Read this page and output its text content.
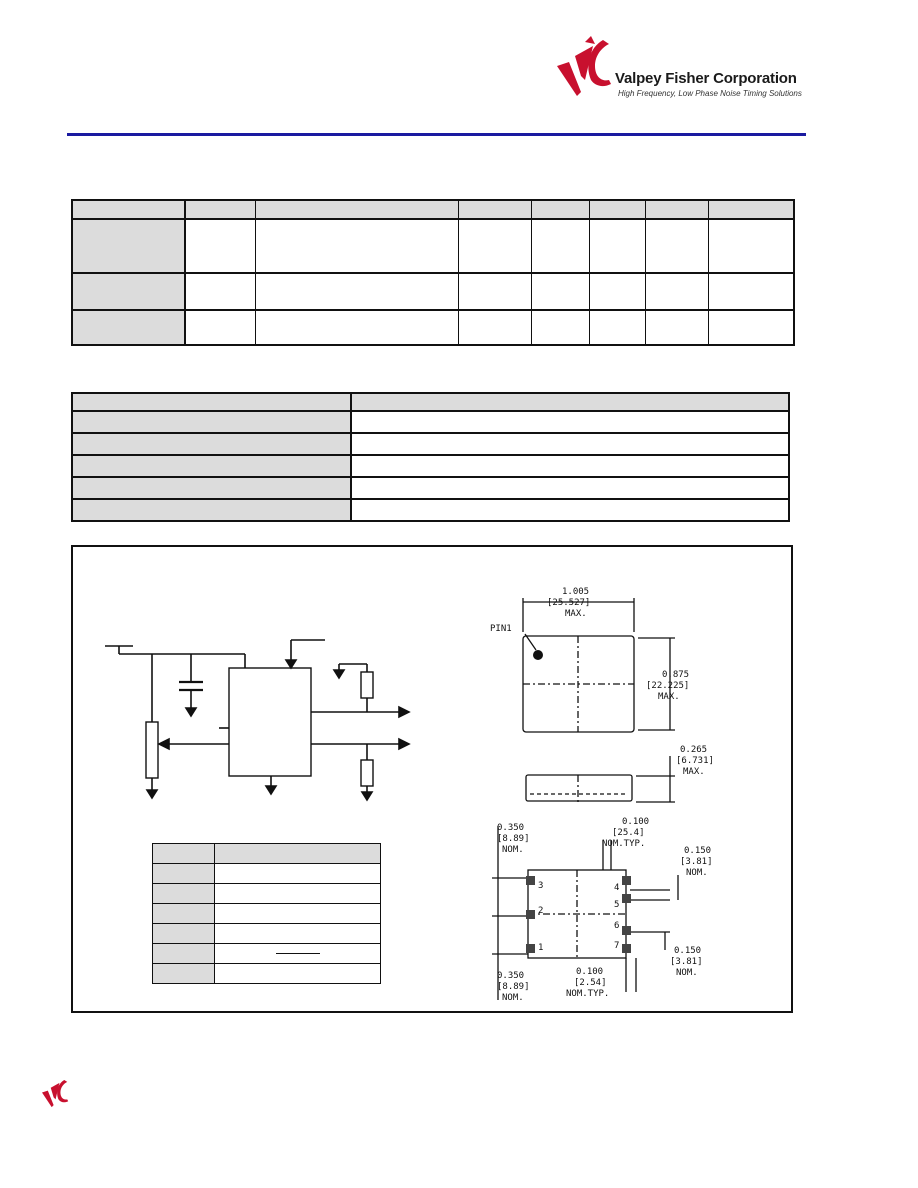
Valpey Fisher Corporation
High Frequency, Low Phase Noise Timing Solutions

1.005
[25.527]
MAX.
PIN1
0.875
[22.225]
MAX.
0.265
[6.731]
MAX.
0.350
[8.89]
NOM.
0.100
[25.4]
NOM.TYP.
0.150
[3.81]
NOM.
0.150
[3.81]
NOM.
0.350
[8.89]
NOM.
0.100
[2.54]
NOM.TYP.
3
2
1
4
5
6
7
